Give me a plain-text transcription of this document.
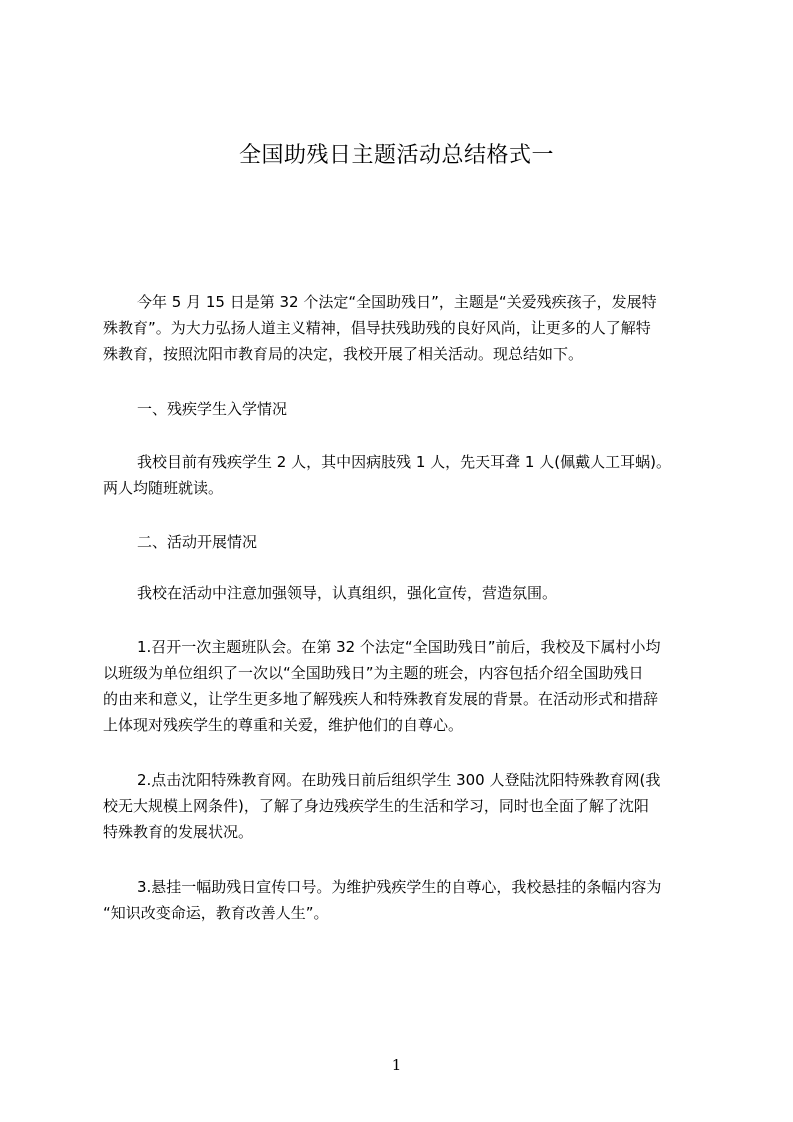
全国助残日主题活动总结格式一

今年 5 月 15 日是第 32 个法定“全国助残日”，主题是“关爱残疾孩子，发展特
殊教育”。为大力弘扬人道主义精神，倡导扶残助残的良好风尚，让更多的人了解特
殊教育，按照沈阳市教育局的决定，我校开展了相关活动。现总结如下。

一、残疾学生入学情况

我校目前有残疾学生 2 人，其中因病肢残 1 人，先天耳聋 1 人(佩戴人工耳蜗)。
两人均随班就读。

二、活动开展情况

我校在活动中注意加强领导，认真组织，强化宣传，营造氛围。

1.召开一次主题班队会。在第 32 个法定“全国助残日”前后，我校及下属村小均
以班级为单位组织了一次以“全国助残日”为主题的班会，内容包括介绍全国助残日
的由来和意义，让学生更多地了解残疾人和特殊教育发展的背景。在活动形式和措辞
上体现对残疾学生的尊重和关爱，维护他们的自尊心。

2.点击沈阳特殊教育网。在助残日前后组织学生 300 人登陆沈阳特殊教育网(我
校无大规模上网条件)，了解了身边残疾学生的生活和学习，同时也全面了解了沈阳
特殊教育的发展状况。

3.悬挂一幅助残日宣传口号。为维护残疾学生的自尊心，我校悬挂的条幅内容为
“知识改变命运，教育改善人生”。

1
